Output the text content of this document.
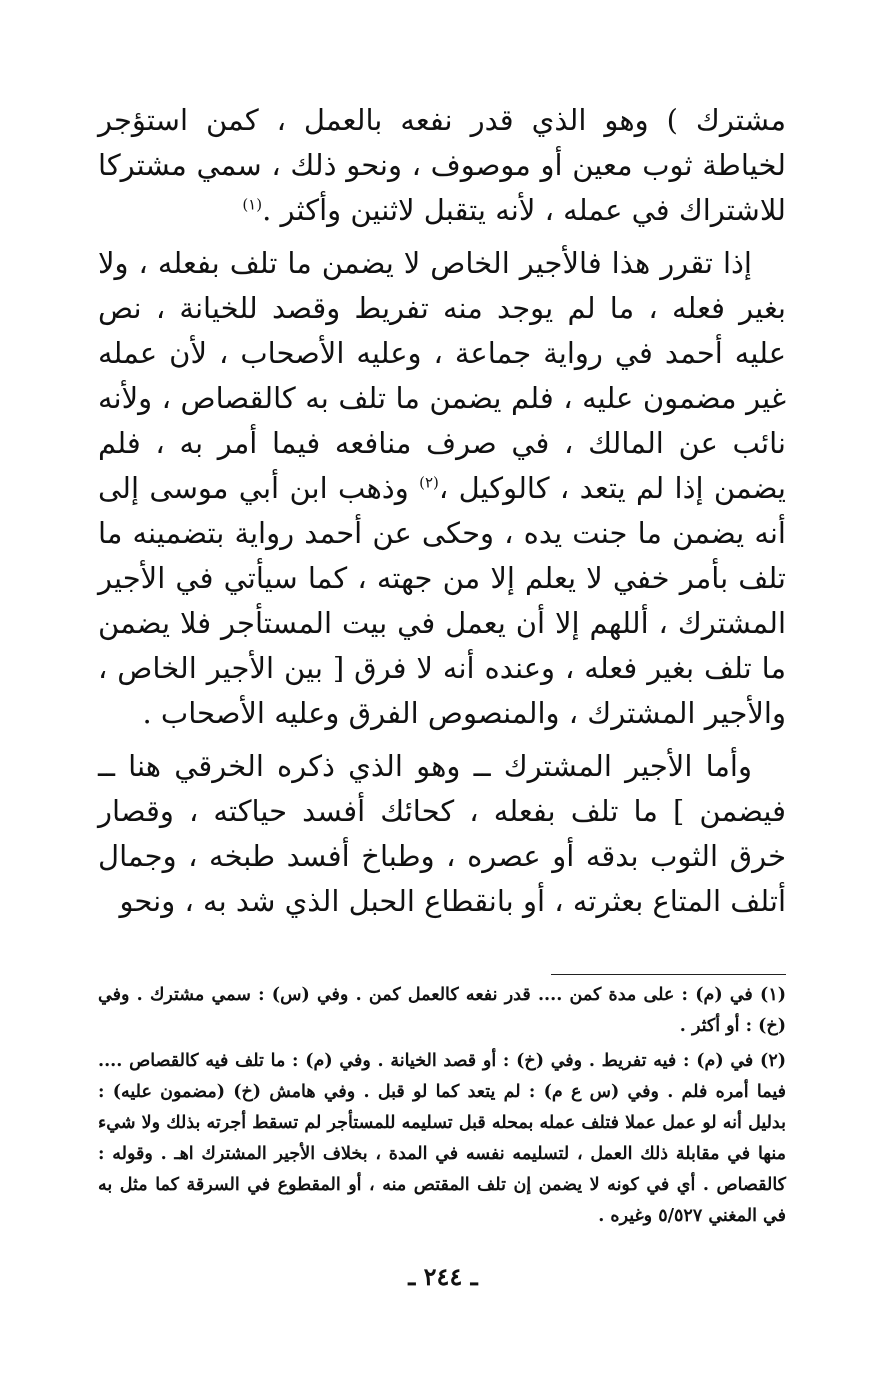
مشترك ) وهو الذي قدر نفعه بالعمل ، كمن استؤجر لخياطة ثوب معين أو موصوف ، ونحو ذلك ، سمي مشتركا للاشتراك في عمله ، لأنه يتقبل لاثنين وأكثر .$^{(١)}$

إذا تقرر هذا فالأجير الخاص لا يضمن ما تلف بفعله ، ولا بغير فعله ، ما لم يوجد منه تفريط وقصد للخيانة ، نص عليه أحمد في رواية جماعة ، وعليه الأصحاب ، لأن عمله غير مضمون عليه ، فلم يضمن ما تلف به كالقصاص ، ولأنه نائب عن المالك ، في صرف منافعه فيما أمر به ، فلم يضمن إذا لم يتعد ، كالوكيل ،$^{(٢)}$ وذهب ابن أبي موسى إلى أنه يضمن ما جنت يده ، وحكى عن أحمد رواية بتضمينه ما تلف بأمر خفي لا يعلم إلا من جهته ، كما سيأتي في الأجير المشترك ، أللهم إلا أن يعمل في بيت المستأجر فلا يضمن ما تلف بغير فعله ، وعنده أنه لا فرق [ بين الأجير الخاص ، والأجير المشترك ، والمنصوص الفرق وعليه الأصحاب .

وأما الأجير المشترك ــ وهو الذي ذكره الخرقي هنا ــ فيضمن ] ما تلف بفعله ، كحائك أفسد حياكته ، وقصار خرق الثوب بدقه أو عصره ، وطباخ أفسد طبخه ، وجمال أتلف المتاع بعثرته ، أو بانقطاع الحبل الذي شد به ، ونحو

(١) في (م) : على مدة كمن .... قدر نفعه كالعمل كمن . وفي (س) : سمي مشترك . وفي (خ) : أو أكثر .

(٢) في (م) : فيه تفريط . وفي (خ) : أو قصد الخيانة . وفي (م) : ما تلف فيه كالقصاص .... فيما أمره فلم . وفي (س ع م) : لم يتعد كما لو قبل . وفي هامش (خ) (مضمون عليه) : بدليل أنه لو عمل عملا فتلف عمله بمحله قبل تسليمه للمستأجر لم تسقط أجرته بذلك ولا شيء منها في مقابلة ذلك العمل ، لتسليمه نفسه في المدة ، بخلاف الأجير المشترك اهـ . وقوله : كالقصاص . أي في كونه لا يضمن إن تلف المقتص منه ، أو المقطوع في السرقة كما مثل به في المغني ٥/٥٢٧ وغيره .

ـ ٢٤٤ ـ
